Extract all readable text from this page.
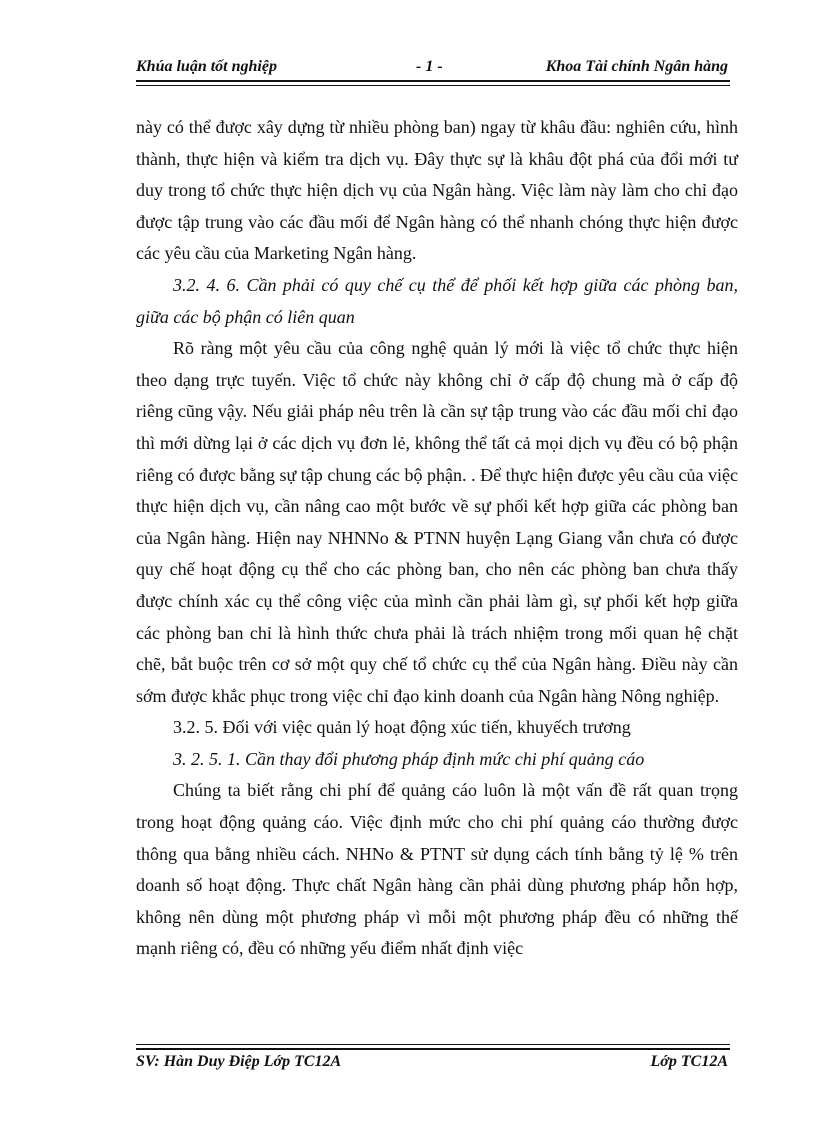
Khúa luận tốt nghiệp	- 1 -	Khoa Tài chính Ngân hàng

này có thể được xây dựng từ nhiều phòng ban) ngay từ khâu đầu: nghiên cứu, hình thành, thực hiện và kiểm tra dịch vụ. Đây thực sự là khâu đột phá của đổi mới tư duy trong tổ chức thực hiện dịch vụ của Ngân hàng. Việc làm này làm cho chỉ đạo được tập trung vào các đầu mối để Ngân hàng có thể nhanh chóng thực hiện được các yêu cầu của Marketing Ngân hàng.

3.2. 4. 6. Cần phải có quy chế cụ thể để phối kết hợp giữa các phòng ban, giữa các bộ phận có liên quan

Rõ ràng một yêu cầu của công nghệ quản lý mới là việc tổ chức thực hiện theo dạng trực tuyến. Việc tổ chức này không chỉ ở cấp độ chung mà ở cấp độ riêng cũng vậy. Nếu giải pháp nêu trên là cần sự tập trung vào các đầu mối chỉ đạo thì mới dừng lại ở các dịch vụ đơn lẻ, không thể tất cả mọi dịch vụ đều có bộ phận riêng có được bằng sự tập chung các bộ phận. . Để thực hiện được yêu cầu của việc thực hiện dịch vụ, cần nâng cao một bước về sự phối kết hợp giữa các phòng ban của Ngân hàng. Hiện nay NHNNo & PTNN huyện Lạng Giang vẫn chưa có được quy chế hoạt động cụ thể cho các phòng ban, cho nên các phòng ban chưa thấy được chính xác cụ thể công việc của mình cần phải làm gì, sự phối kết hợp giữa các phòng ban chỉ là hình thức chưa phải là trách nhiệm trong mối quan hệ chặt chẽ, bắt buộc trên cơ sở một quy chế tổ chức cụ thể của Ngân hàng. Điều này cần sớm được khắc phục trong việc chỉ đạo kinh doanh của Ngân hàng Nông nghiệp.

3.2. 5. Đối với việc quản lý hoạt động xúc tiến, khuyếch trương

3. 2. 5. 1. Cần thay đổi phương pháp định mức chi phí quảng cáo

Chúng ta biết rằng chi phí để quảng cáo luôn là một vấn đề rất quan trọng trong hoạt động quảng cáo. Việc định mức cho chi phí quảng cáo thường được thông qua bằng nhiều cách. NHNo & PTNT sử dụng cách tính bằng tỷ lệ % trên doanh số hoạt động. Thực chất Ngân hàng cần phải dùng phương pháp hỗn hợp, không nên dùng một phương pháp vì mỗi một phương pháp đều có những thế mạnh riêng có, đều có những yếu điểm nhất định việc

SV: Hàn Duy Điệp Lớp TC12A	Lớp TC12A
